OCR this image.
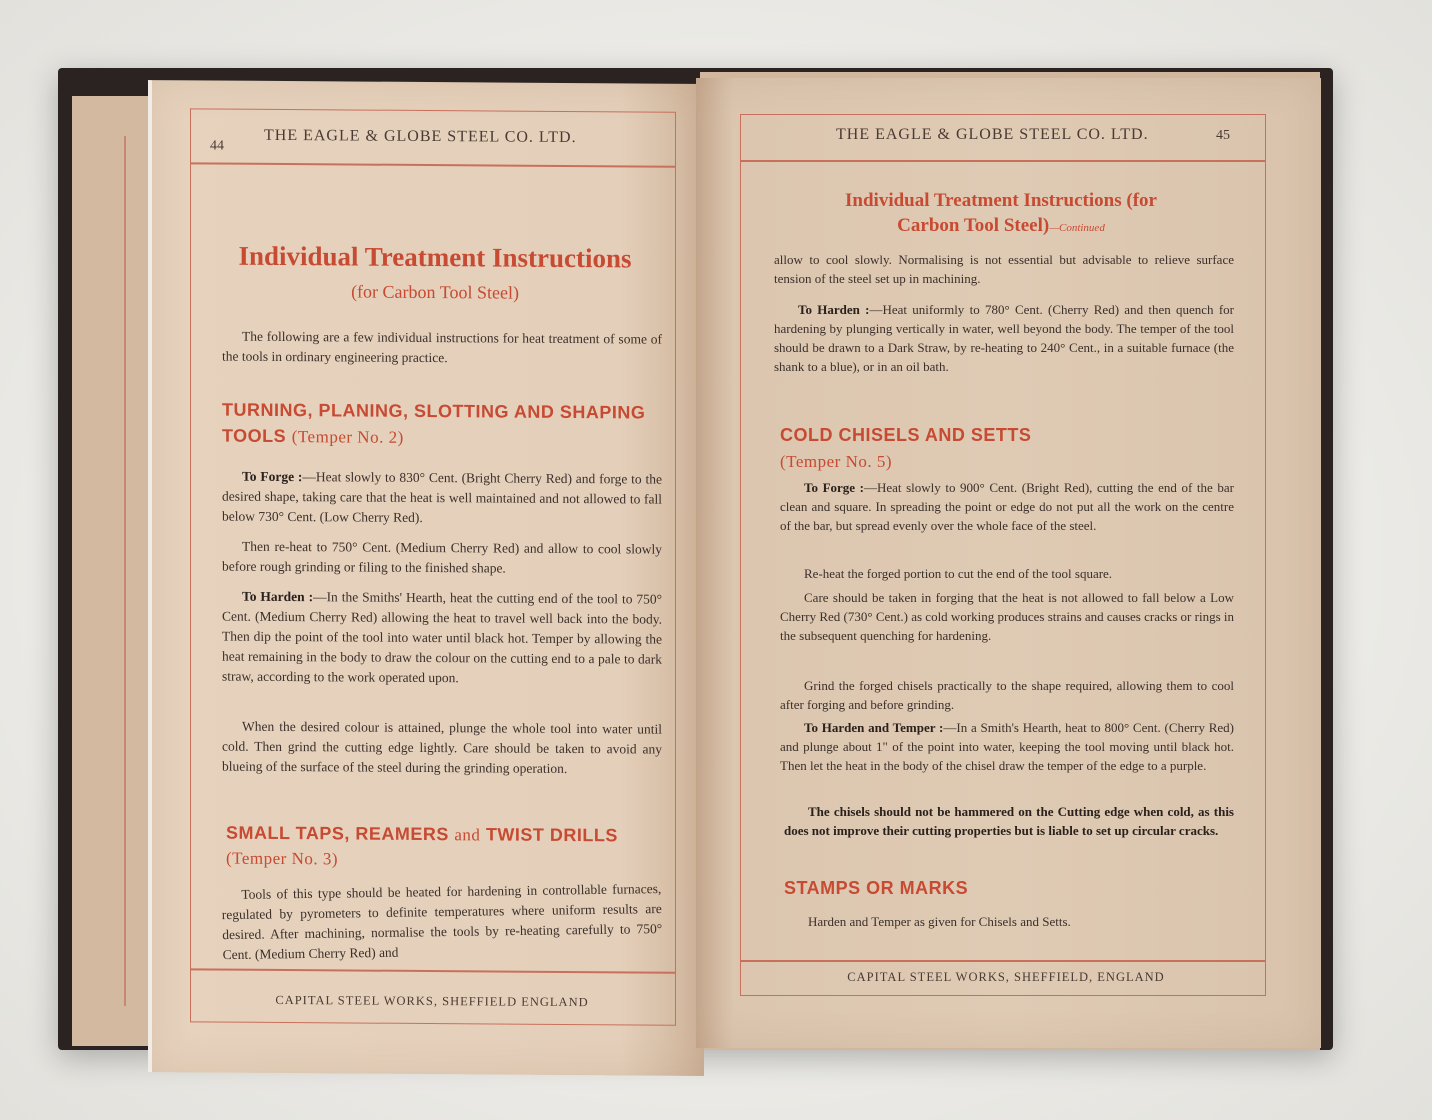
44	THE EAGLE & GLOBE STEEL CO. LTD.
Individual Treatment Instructions
(for Carbon Tool Steel)
The following are a few individual instructions for heat treatment of some of the tools in ordinary engineering practice.
TURNING, PLANING, SLOTTING AND SHAPING TOOLS (Temper No. 2)
To Forge :—Heat slowly to 830° Cent. (Bright Cherry Red) and forge to the desired shape, taking care that the heat is well maintained and not allowed to fall below 730° Cent. (Low Cherry Red).
Then re-heat to 750° Cent. (Medium Cherry Red) and allow to cool slowly before rough grinding or filing to the finished shape.
To Harden :—In the Smiths' Hearth, heat the cutting end of the tool to 750° Cent. (Medium Cherry Red) allowing the heat to travel well back into the body. Then dip the point of the tool into water until black hot. Temper by allowing the heat remaining in the body to draw the colour on the cutting end to a pale to dark straw, according to the work operated upon.
When the desired colour is attained, plunge the whole tool into water until cold. Then grind the cutting edge lightly. Care should be taken to avoid any blueing of the surface of the steel during the grinding operation.
SMALL TAPS, REAMERS and TWIST DRILLS
(Temper No. 3)
Tools of this type should be heated for hardening in controllable furnaces, regulated by pyrometers to definite temperatures where uniform results are desired. After machining, normalise the tools by re-heating carefully to 750° Cent. (Medium Cherry Red) and
CAPITAL STEEL WORKS, SHEFFIELD ENGLAND
THE EAGLE & GLOBE STEEL CO. LTD.	45
Individual Treatment Instructions (for
Carbon Tool Steel)—Continued
allow to cool slowly. Normalising is not essential but advisable to relieve surface tension of the steel set up in machining.
To Harden :—Heat uniformly to 780° Cent. (Cherry Red) and then quench for hardening by plunging vertically in water, well beyond the body. The temper of the tool should be drawn to a Dark Straw, by re-heating to 240° Cent., in a suitable furnace (the shank to a blue), or in an oil bath.
COLD CHISELS AND SETTS
(Temper No. 5)
To Forge :—Heat slowly to 900° Cent. (Bright Red), cutting the end of the bar clean and square. In spreading the point or edge do not put all the work on the centre of the bar, but spread evenly over the whole face of the steel.
Re-heat the forged portion to cut the end of the tool square.
Care should be taken in forging that the heat is not allowed to fall below a Low Cherry Red (730° Cent.) as cold working produces strains and causes cracks or rings in the subsequent quenching for hardening.
Grind the forged chisels practically to the shape required, allowing them to cool after forging and before grinding.
To Harden and Temper :—In a Smith's Hearth, heat to 800° Cent. (Cherry Red) and plunge about 1" of the point into water, keeping the tool moving until black hot. Then let the heat in the body of the chisel draw the temper of the edge to a purple.
The chisels should not be hammered on the Cutting edge when cold, as this does not improve their cutting properties but is liable to set up circular cracks.
STAMPS OR MARKS
Harden and Temper as given for Chisels and Setts.
CAPITAL STEEL WORKS, SHEFFIELD, ENGLAND
